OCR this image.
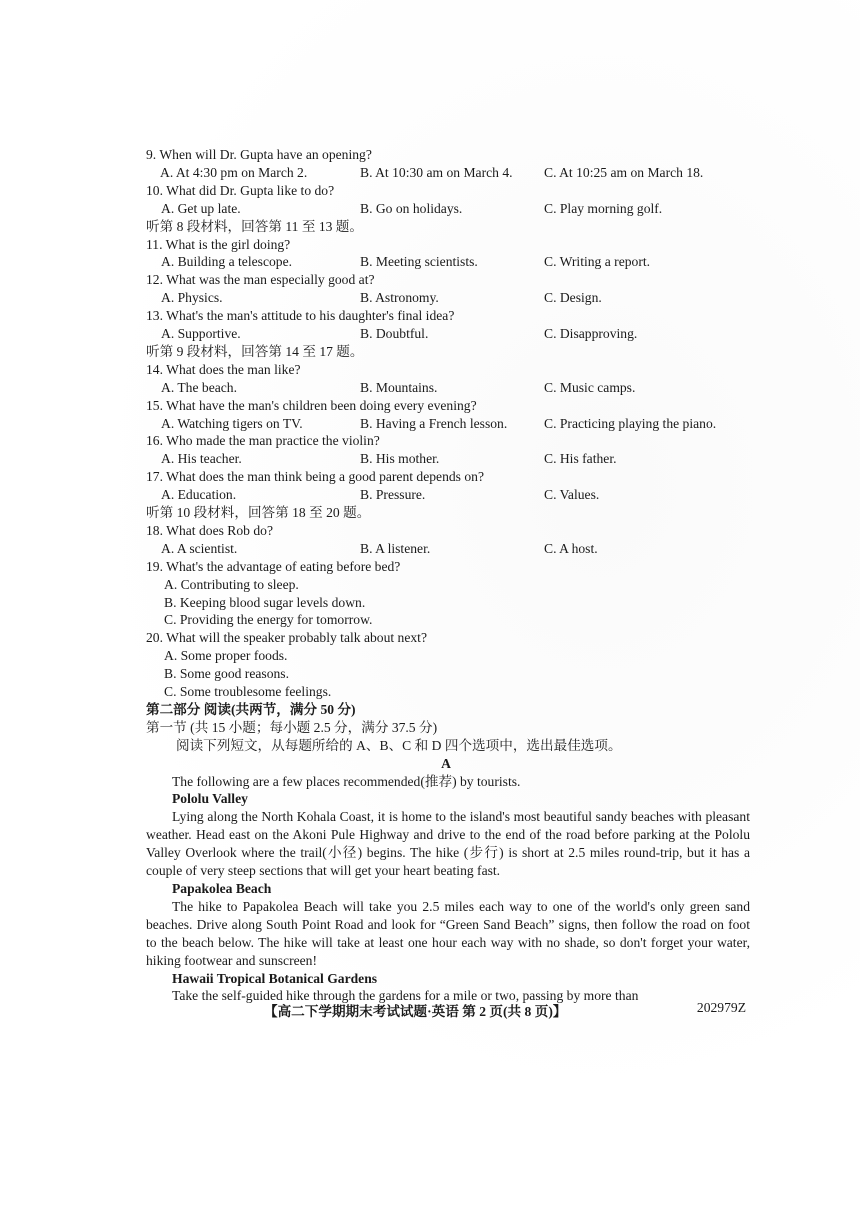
9. When will Dr. Gupta have an opening?
A. At 4:30 pm on March 2.	B. At 10:30 am on March 4. C. At 10:25 am on March 18.
10. What did Dr. Gupta like to do?
A. Get up late.	B. Go on holidays.	C. Play morning golf.
听第 8 段材料，回答第 11 至 13 题。
11. What is the girl doing?
A. Building a telescope.	B. Meeting scientists.	C. Writing a report.
12. What was the man especially good at?
A. Physics.	B. Astronomy.	C. Design.
13. What's the man's attitude to his daughter's final idea?
A. Supportive.	B. Doubtful.	C. Disapproving.
听第 9 段材料，回答第 14 至 17 题。
14. What does the man like?
A. The beach.	B. Mountains.	C. Music camps.
15. What have the man's children been doing every evening?
A. Watching tigers on TV.	B. Having a French lesson.	C. Practicing playing the piano.
16. Who made the man practice the violin?
A. His teacher.	B. His mother.	C. His father.
17. What does the man think being a good parent depends on?
A. Education.	B. Pressure.	C. Values.
听第 10 段材料，回答第 18 至 20 题。
18. What does Rob do?
A. A scientist.	B. A listener.	C. A host.
19. What's the advantage of eating before bed?
A. Contributing to sleep.
B. Keeping blood sugar levels down.
C. Providing the energy for tomorrow.
20. What will the speaker probably talk about next?
A. Some proper foods.
B. Some good reasons.
C. Some troublesome feelings.
第二部分 阅读(共两节，满分 50 分)
第一节 (共 15 小题；每小题 2.5 分，满分 37.5 分)
阅读下列短文，从每题所给的 A、B、C 和 D 四个选项中，选出最佳选项。
A
The following are a few places recommended(推荐) by tourists.
Pololu Valley
Lying along the North Kohala Coast, it is home to the island's most beautiful sandy beaches with pleasant weather. Head east on the Akoni Pule Highway and drive to the end of the road before parking at the Pololu Valley Overlook where the trail(小径) begins. The hike (步行) is short at 2.5 miles round-trip, but it has a couple of very steep sections that will get your heart beating fast.
Papakolea Beach
The hike to Papakolea Beach will take you 2.5 miles each way to one of the world's only green sand beaches. Drive along South Point Road and look for “Green Sand Beach” signs, then follow the road on foot to the beach below. The hike will take at least one hour each way with no shade, so don't forget your water, hiking footwear and sunscreen!
Hawaii Tropical Botanical Gardens
Take the self-guided hike through the gardens for a mile or two, passing by more than
【高二下学期期末考试试题·英语 第 2 页(共 8 页)】	202979Z
